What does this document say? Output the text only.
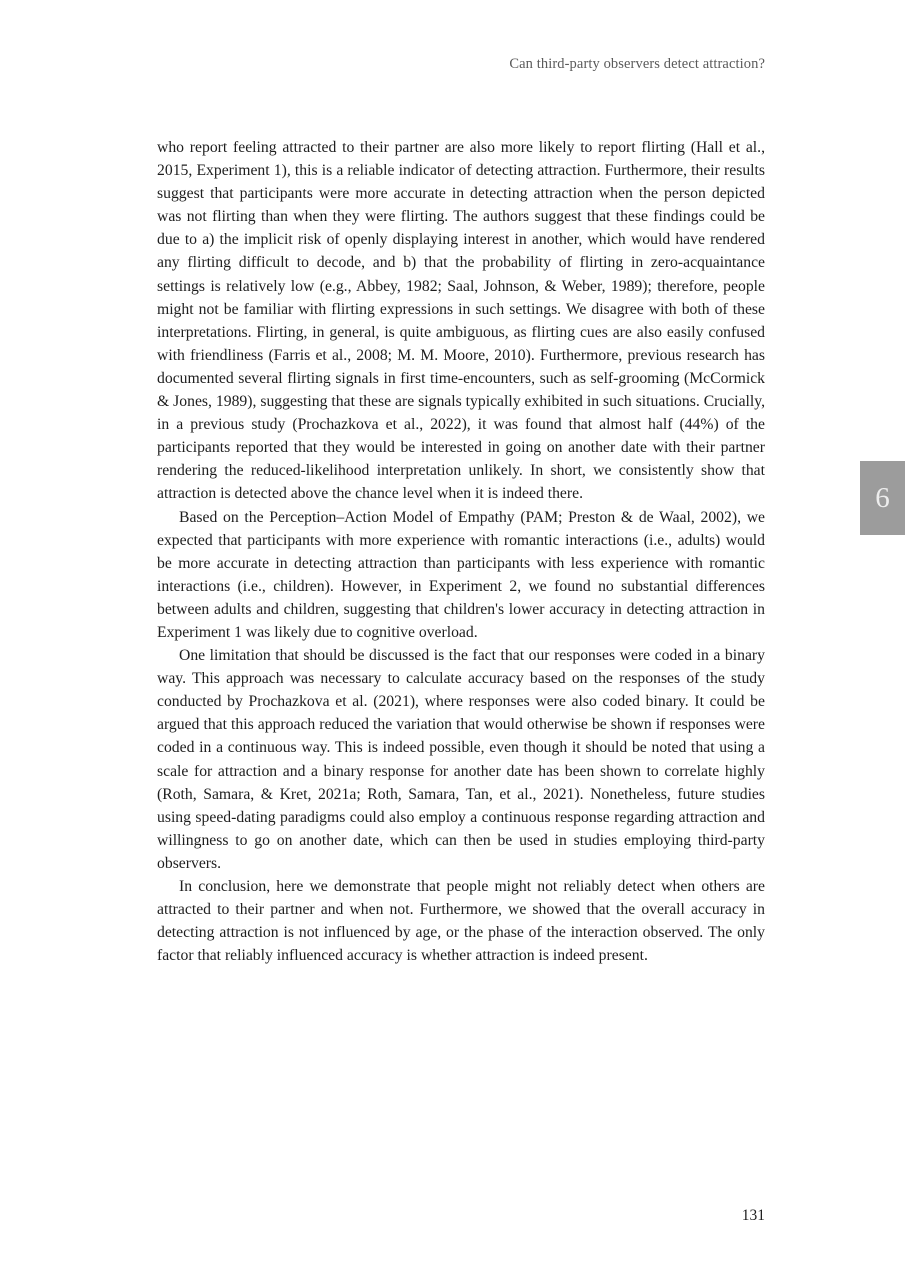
Can third-party observers detect attraction?

who report feeling attracted to their partner are also more likely to report flirting (Hall et al., 2015, Experiment 1), this is a reliable indicator of detecting attraction. Furthermore, their results suggest that participants were more accurate in detecting attraction when the person depicted was not flirting than when they were flirting. The authors suggest that these findings could be due to a) the implicit risk of openly displaying interest in another, which would have rendered any flirting difficult to decode, and b) that the probability of flirting in zero-acquaintance settings is relatively low (e.g., Abbey, 1982; Saal, Johnson, & Weber, 1989); therefore, people might not be familiar with flirting expressions in such settings. We disagree with both of these interpretations. Flirting, in general, is quite ambiguous, as flirting cues are also easily confused with friendliness (Farris et al., 2008; M. M. Moore, 2010). Furthermore, previous research has documented several flirting signals in first time-encounters, such as self-grooming (McCormick & Jones, 1989), suggesting that these are signals typically exhibited in such situations. Crucially, in a previous study (Prochazkova et al., 2022), it was found that almost half (44%) of the participants reported that they would be interested in going on another date with their partner rendering the reduced-likelihood interpretation unlikely. In short, we consistently show that attraction is detected above the chance level when it is indeed there.

Based on the Perception–Action Model of Empathy (PAM; Preston & de Waal, 2002), we expected that participants with more experience with romantic interactions (i.e., adults) would be more accurate in detecting attraction than participants with less experience with romantic interactions (i.e., children). However, in Experiment 2, we found no substantial differences between adults and children, suggesting that children's lower accuracy in detecting attraction in Experiment 1 was likely due to cognitive overload.

One limitation that should be discussed is the fact that our responses were coded in a binary way. This approach was necessary to calculate accuracy based on the responses of the study conducted by Prochazkova et al. (2021), where responses were also coded binary. It could be argued that this approach reduced the variation that would otherwise be shown if responses were coded in a continuous way. This is indeed possible, even though it should be noted that using a scale for attraction and a binary response for another date has been shown to correlate highly (Roth, Samara, & Kret, 2021a; Roth, Samara, Tan, et al., 2021). Nonetheless, future studies using speed-dating paradigms could also employ a continuous response regarding attraction and willingness to go on another date, which can then be used in studies employing third-party observers.

In conclusion, here we demonstrate that people might not reliably detect when others are attracted to their partner and when not. Furthermore, we showed that the overall accuracy in detecting attraction is not influenced by age, or the phase of the interaction observed. The only factor that reliably influenced accuracy is whether attraction is indeed present.

6
131
